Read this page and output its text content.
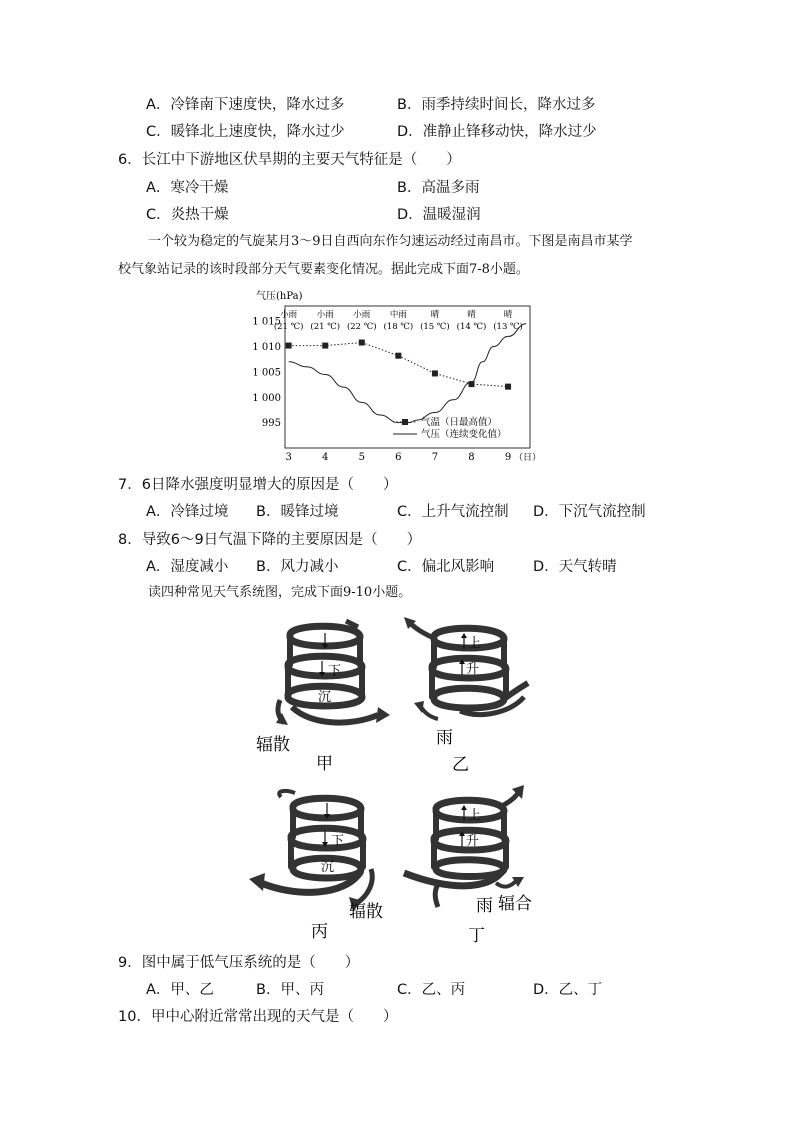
A．冷锋南下速度快，降水过多	B．雨季持续时间长，降水过多
C．暖锋北上速度快，降水过少	D．准静止锋移动快，降水过少
6．长江中下游地区伏旱期的主要天气特征是（　　）
A．寒冷干燥	B．高温多雨
C．炎热干燥	D．温暖湿润
一个较为稳定的气旋某月3～9日自西向东作匀速运动经过南昌市。下图是南昌市某学
校气象站记录的该时段部分天气要素变化情况。据此完成下面7-8小题。
气压(hPa)
1 015
1 010
1 005
1 000
995
3	4	5	6	7	8	9
小雨
(21 ℃)
小雨
(21 ℃)
小雨
(22 ℃)
中雨
(18 ℃)
晴
(15 ℃)
晴
(14 ℃)
晴
(13 ℃)
（日）
气温（日最高值）
气压（连续变化值）
7．6日降水强度明显增大的原因是（　　）
A．冷锋过境 B．暖锋过境	C．上升气流控制 D．下沉气流控制
8．导致6～9日气温下降的主要原因是（　　）
A．湿度减小 B．风力减小	C．偏北风影响	D．天气转晴
读四种常见天气系统图，完成下面9-10小题。
下
沉
辐散
甲
上
升
雨
乙
下
沉
辐散
丙
上
升
雨 辐合
丁
9．图中属于低气压系统的是（　　）
A．甲、乙	B．甲、丙	C．乙、丙	D．乙、丁
10．甲中心附近常常出现的天气是（　　）
